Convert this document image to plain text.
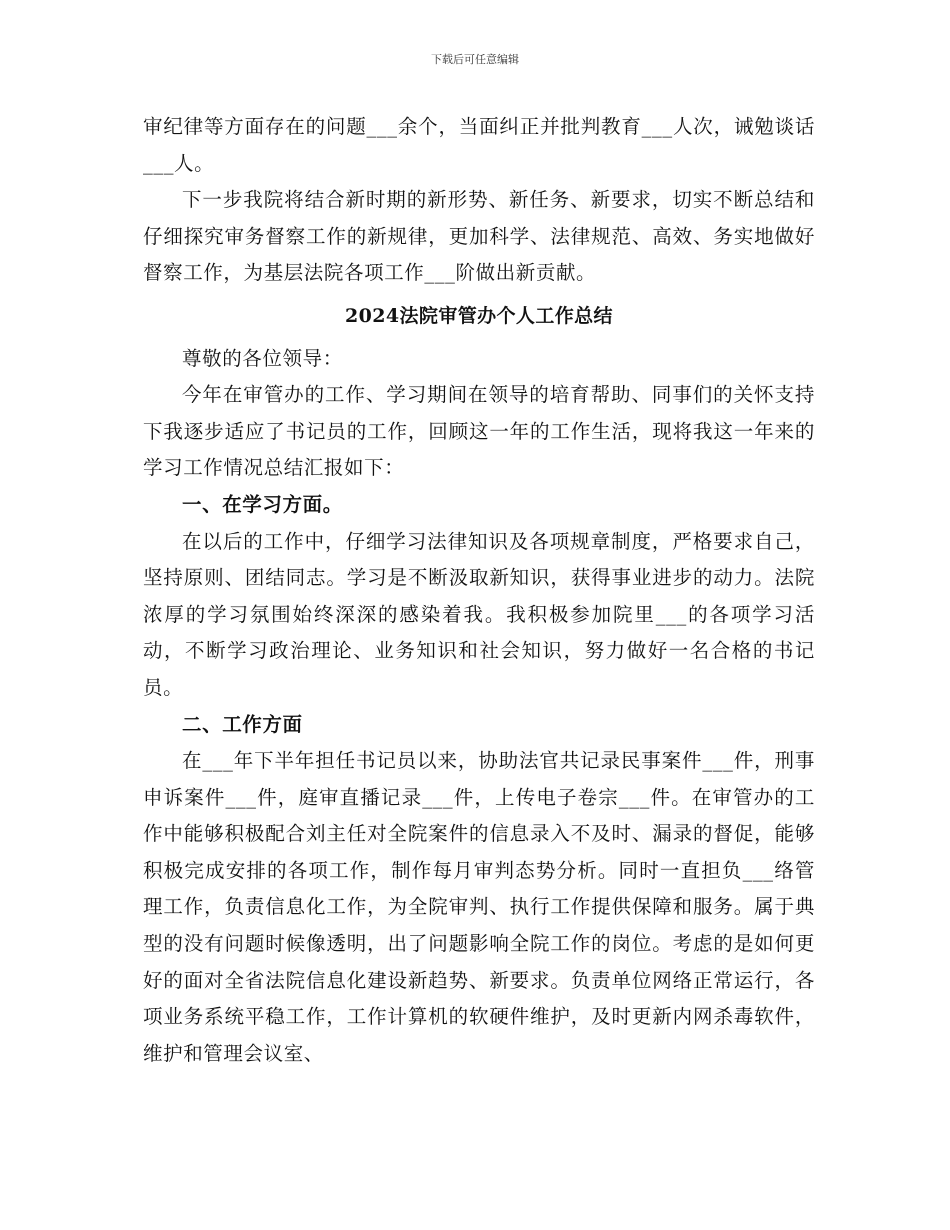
下载后可任意编辑

审纪律等方面存在的问题___余个，当面纠正并批判教育___人次，诫勉谈话___人。

下一步我院将结合新时期的新形势、新任务、新要求，切实不断总结和仔细探究审务督察工作的新规律，更加科学、法律规范、高效、务实地做好督察工作，为基层法院各项工作___阶做出新贡献。

2024法院审管办个人工作总结

尊敬的各位领导：

今年在审管办的工作、学习期间在领导的培育帮助、同事们的关怀支持下我逐步适应了书记员的工作，回顾这一年的工作生活，现将我这一年来的学习工作情况总结汇报如下：

一、在学习方面。

在以后的工作中，仔细学习法律知识及各项规章制度，严格要求自己，坚持原则、团结同志。学习是不断汲取新知识，获得事业进步的动力。法院浓厚的学习氛围始终深深的感染着我。我积极参加院里___的各项学习活动，不断学习政治理论、业务知识和社会知识，努力做好一名合格的书记员。

二、工作方面

在___年下半年担任书记员以来，协助法官共记录民事案件___件，刑事申诉案件___件，庭审直播记录___件，上传电子卷宗___件。在审管办的工作中能够积极配合刘主任对全院案件的信息录入不及时、漏录的督促，能够积极完成安排的各项工作，制作每月审判态势分析。同时一直担负___络管理工作，负责信息化工作，为全院审判、执行工作提供保障和服务。属于典型的没有问题时候像透明，出了问题影响全院工作的岗位。考虑的是如何更好的面对全省法院信息化建设新趋势、新要求。负责单位网络正常运行，各项业务系统平稳工作，工作计算机的软硬件维护，及时更新内网杀毒软件，维护和管理会议室、
